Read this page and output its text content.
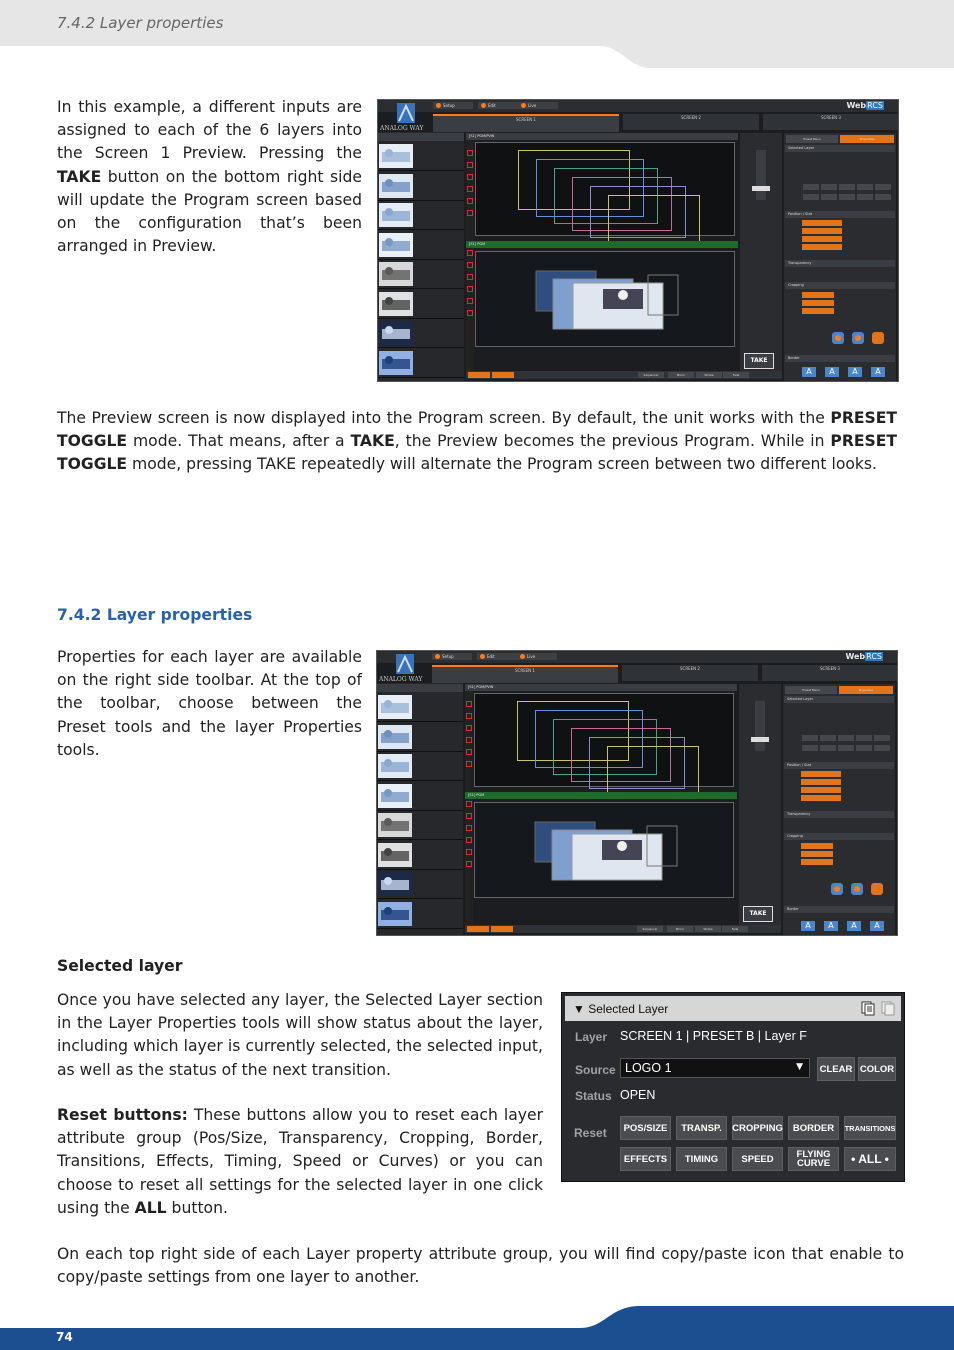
7.4.2 Layer properties
In this example, a different inputs are assigned to each of the 6 layers into the Screen 1 Preview. Pressing the TAKE button on the bottom right side will update the Program screen based on the configuration that’s been arranged in Preview.
ANALOG WAY
WebRCS
Setup	Edit	Live
SCREEN 1	SCREEN 2	SCREEN 3
[S1] PGM/PVW
[S1] PGM
TAKE
Preset Menu	Properties
Selected Layer
Position / Size
Transparency
Cropping
Border
A	A	A	A
Sequencer	Mirror	Strobe	Fade
The Preview screen is now displayed into the Program screen. By default, the unit works with the PRESET TOGGLE mode. That means, after a TAKE, the Preview becomes the previous Program. While in PRESET TOGGLE mode, pressing TAKE repeatedly will alternate the Program screen between two different looks.
7.4.2 Layer properties
Properties for each layer are available on the right side toolbar. At the top of the toolbar, choose between the Preset tools and the layer Properties tools.
ANALOG WAY
WebRCS
Setup	Edit	Live
SCREEN 1	SCREEN 2	SCREEN 3
[S1] PGM/PVW
[S1] PGM
TAKE
Preset Menu	Properties
Selected Layer
Position / Size
Transparency
Cropping
Border
A	A	A	A
Sequencer	Mirror	Strobe	Fade
Selected layer
Once you have selected any layer, the Selected Layer section in the Layer Properties tools will show status about the layer, including which layer is currently selected, the selected input, as well as the status of the next transition.
Reset buttons: These buttons allow you to reset each layer attribute group (Pos/Size, Transparency, Cropping, Border, Transitions, Effects, Timing, Speed or Curves) or you can choose to reset all settings for the selected layer in one click using the ALL button.
▼ Selected Layer
Layer SCREEN 1 | PRESET B | Layer F
Source LOGO 1	▼ CLEAR COLOR
Status OPEN
Reset	POS/SIZE	TRANSP.	CROPPING	BORDER	TRANSITIONS
EFFECTS	TIMING	SPEED	FLYING CURVE	• ALL •
On each top right side of each Layer property attribute group, you will find copy/paste icon that enable to copy/paste settings from one layer to another.
74
